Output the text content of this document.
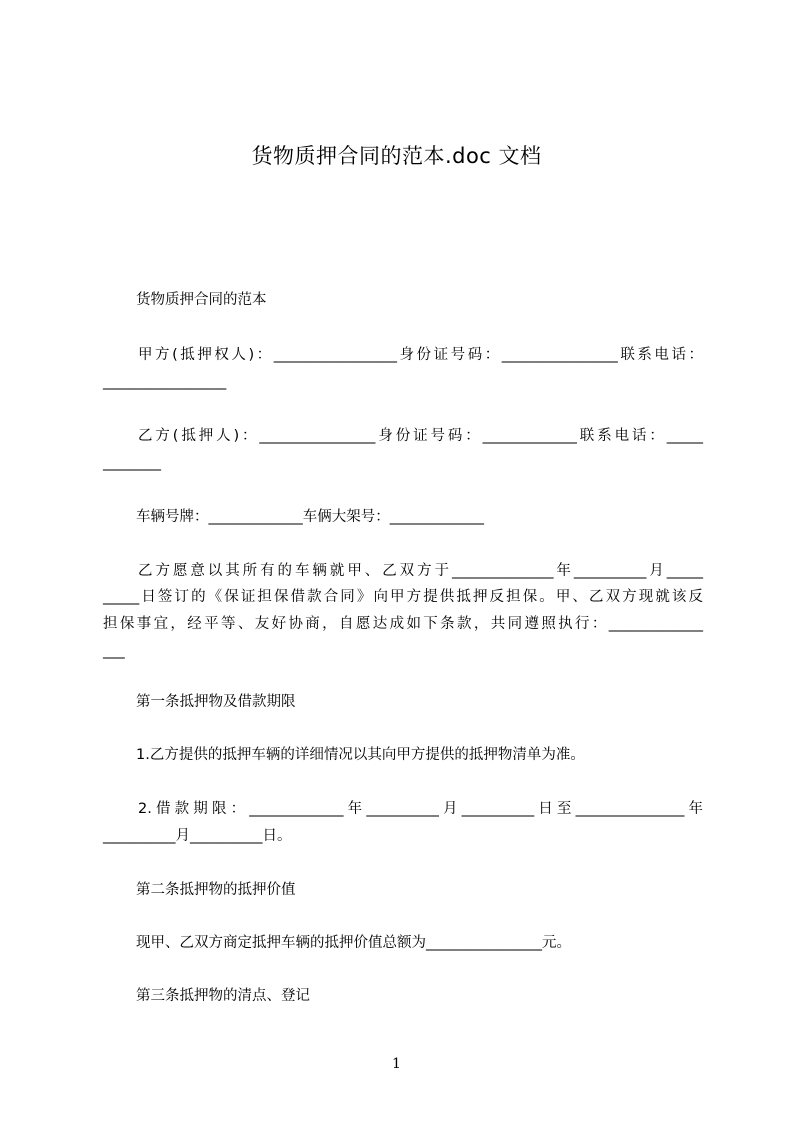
货物质押合同的范本.doc 文档
货物质押合同的范本
甲方(抵押权人)：_________________身份证号码：________________联系电话：
_________________
乙方(抵押人)：________________身份证号码：_____________联系电话：_____
________
车辆号牌：_____________车俩大架号：_____________
乙方愿意以其所有的车辆就甲、乙双方于______________年__________月_____
_____日签订的《保证担保借款合同》向甲方提供抵押反担保。甲、乙双方现就该反
担保事宜，经平等、友好协商，自愿达成如下条款，共同遵照执行：_____________
___
第一条抵押物及借款期限
1.乙方提供的抵押车辆的详细情况以其向甲方提供的抵押物清单为准。
2.借款期限：_____________年__________月__________日至_______________年
__________月__________日。
第二条抵押物的抵押价值
现甲、乙双方商定抵押车辆的抵押价值总额为________________元。
第三条抵押物的清点、登记
1
